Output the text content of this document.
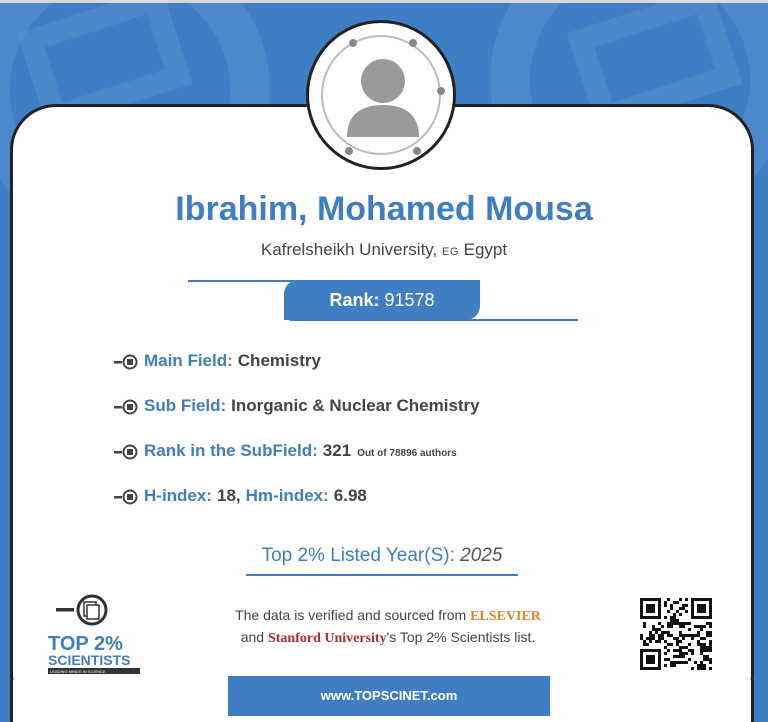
Ibrahim, Mohamed Mousa
Kafrelsheikh University, EG Egypt
Rank: 91578
Main Field: Chemistry
Sub Field: Inorganic & Nuclear Chemistry
Rank in the SubField: 321 Out of 78896 authors
H-index: 18 , Hm-index: 6.98
Top 2% Listed Year(S): 2025
TOP 2%
SCIENTISTS
LEADING MINDS IN SCIENCE
The data is verified and sourced from ELSEVIER
and Stanford University's Top 2% Scientists list.
www.TOPSCINET.com
